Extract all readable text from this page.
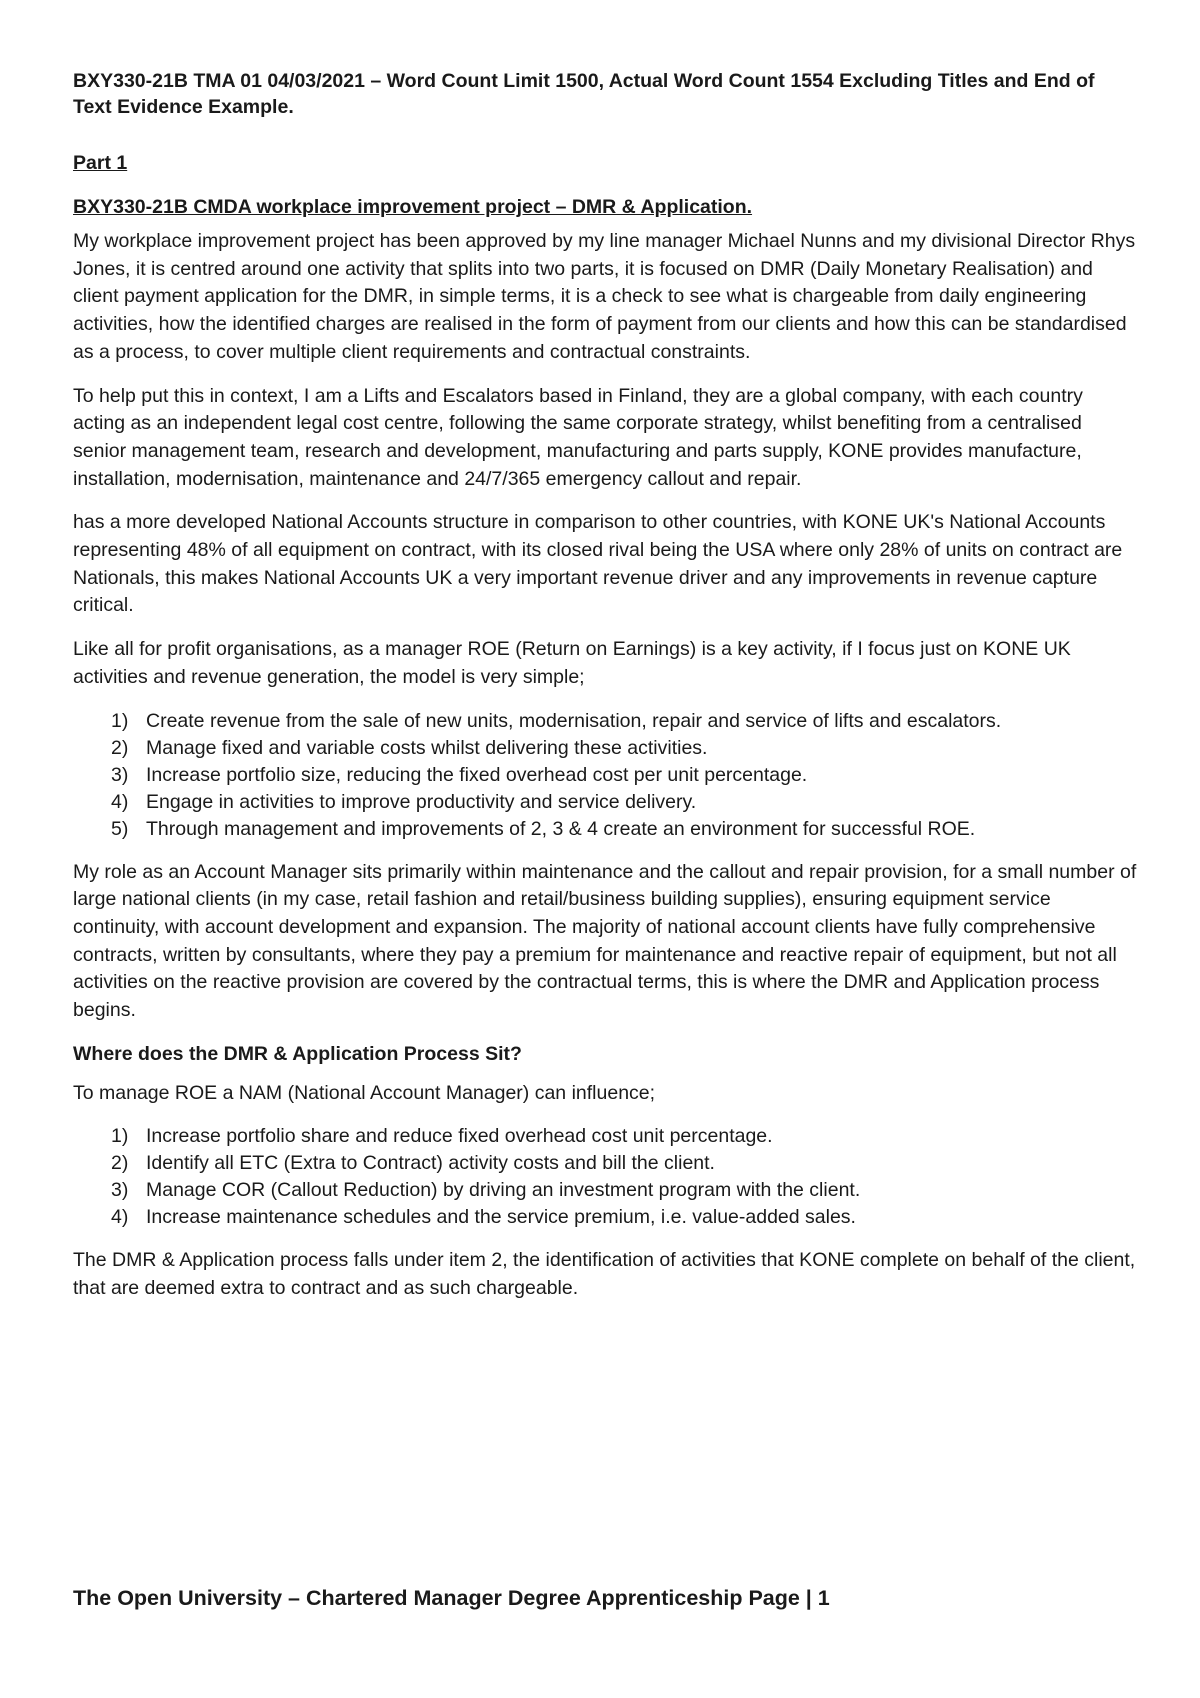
BXY330-21B TMA 01 04/03/2021 – Word Count Limit 1500, Actual Word Count 1554 Excluding Titles and End of Text Evidence Example.
Part 1
BXY330-21B CMDA workplace improvement project – DMR & Application.

My workplace improvement project has been approved by my line manager Michael Nunns and my divisional Director Rhys Jones, it is centred around one activity that splits into two parts, it is focused on DMR (Daily Monetary Realisation) and client payment application for the DMR, in simple terms, it is a check to see what is chargeable from daily engineering activities, how the identified charges are realised in the form of payment from our clients and how this can be standardised as a process, to cover multiple client requirements and contractual constraints.

To help put this in context, I am a Lifts and Escalators based in Finland, they are a global company, with each country acting as an independent legal cost centre, following the same corporate strategy, whilst benefiting from a centralised senior management team, research and development, manufacturing and parts supply, KONE provides manufacture, installation, modernisation, maintenance and 24/7/365 emergency callout and repair.

has a more developed National Accounts structure in comparison to other countries, with KONE UK's National Accounts representing 48% of all equipment on contract, with its closed rival being the USA where only 28% of units on contract are Nationals, this makes National Accounts UK a very important revenue driver and any improvements in revenue capture critical.

Like all for profit organisations, as a manager ROE (Return on Earnings) is a key activity, if I focus just on KONE UK activities and revenue generation, the model is very simple;

1) Create revenue from the sale of new units, modernisation, repair and service of lifts and escalators.
2) Manage fixed and variable costs whilst delivering these activities.
3) Increase portfolio size, reducing the fixed overhead cost per unit percentage.
4) Engage in activities to improve productivity and service delivery.
5) Through management and improvements of 2, 3 & 4 create an environment for successful ROE.

My role as an Account Manager sits primarily within maintenance and the callout and repair provision, for a small number of large national clients (in my case, retail fashion and retail/business building supplies), ensuring equipment service continuity, with account development and expansion. The majority of national account clients have fully comprehensive contracts, written by consultants, where they pay a premium for maintenance and reactive repair of equipment, but not all activities on the reactive provision are covered by the contractual terms, this is where the DMR and Application process begins.

Where does the DMR & Application Process Sit?

To manage ROE a NAM (National Account Manager) can influence;

1) Increase portfolio share and reduce fixed overhead cost unit percentage.
2) Identify all ETC (Extra to Contract) activity costs and bill the client.
3) Manage COR (Callout Reduction) by driving an investment program with the client.
4) Increase maintenance schedules and the service premium, i.e. value-added sales.

The DMR & Application process falls under item 2, the identification of activities that KONE complete on behalf of the client, that are deemed extra to contract and as such chargeable.

The Open University – Chartered Manager Degree Apprenticeship Page | 1
